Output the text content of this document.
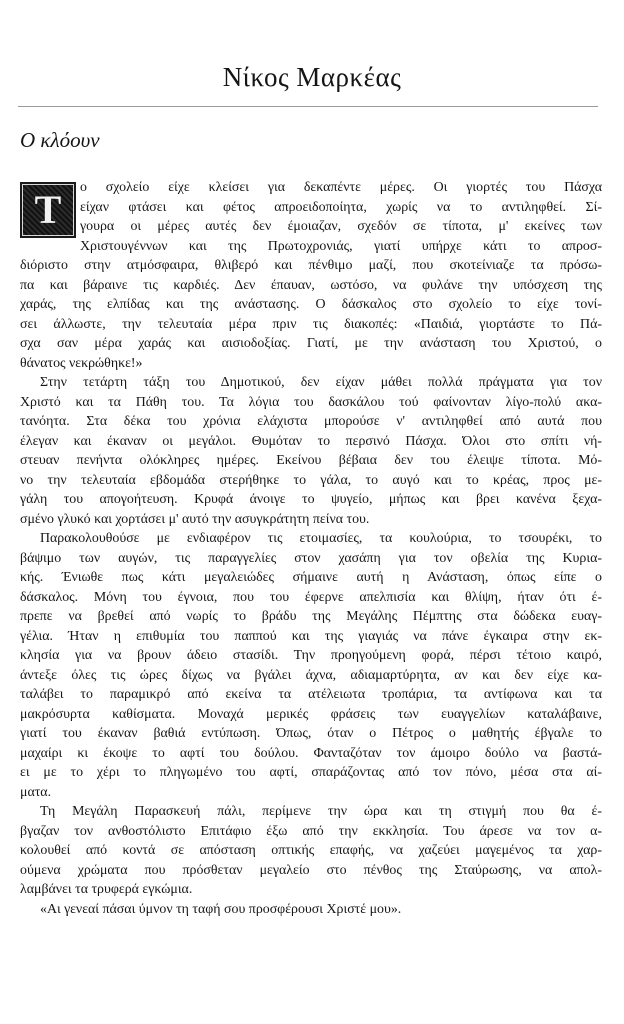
Νίκος Μαρκέας
Ο κλόουν
Τ	ο σχολείο είχε κλείσει για δεκαπέντε μέρες. Οι γιορτές του Πάσχα
είχαν φτάσει και φέτος απροειδοποίητα, χωρίς να το αντιληφθεί. Σί-
γουρα οι μέρες αυτές δεν έμοιαζαν, σχεδόν σε τίποτα, μ' εκείνες των
Χριστουγέννων και της Πρωτοχρονιάς, γιατί υπήρχε κάτι το απροσ-
διόριστο στην ατμόσφαιρα, θλιβερό και πένθιμο μαζί, που σκοτείνιαζε τα πρόσω-
πα και βάραινε τις καρδιές. Δεν έπαυαν, ωστόσο, να φυλάνε την υπόσχεση της
χαράς, της ελπίδας και της ανάστασης. Ο δάσκαλος στο σχολείο το είχε τονί-
σει άλλωστε, την τελευταία μέρα πριν τις διακοπές: «Παιδιά, γιορτάστε το Πά-
σχα σαν μέρα χαράς και αισιοδοξίας. Γιατί, με την ανάσταση του Χριστού, ο
θάνατος νεκρώθηκε!»
Στην τετάρτη τάξη του Δημοτικού, δεν είχαν μάθει πολλά πράγματα για τον
Χριστό και τα Πάθη του. Τα λόγια του δασκάλου τού φαίνονταν λίγο-πολύ ακα-
τανόητα. Στα δέκα του χρόνια ελάχιστα μπορούσε ν' αντιληφθεί από αυτά που
έλεγαν και έκαναν οι μεγάλοι. Θυμόταν το περσινό Πάσχα. Όλοι στο σπίτι νή-
στευαν πενήντα ολόκληρες ημέρες. Εκείνου βέβαια δεν του έλειψε τίποτα. Μό-
νο την τελευταία εβδομάδα στερήθηκε το γάλα, το αυγό και το κρέας, προς με-
γάλη του απογοήτευση. Κρυφά άνοιγε το ψυγείο, μήπως και βρει κανένα ξεχα-
σμένο γλυκό και χορτάσει μ' αυτό την ασυγκράτητη πείνα του.
Παρακολουθούσε με ενδιαφέρον τις ετοιμασίες, τα κουλούρια, το τσουρέκι, το
βάψιμο των αυγών, τις παραγγελίες στον χασάπη για τον οβελία της Κυρια-
κής. Ένιωθε πως κάτι μεγαλειώδες σήμαινε αυτή η Ανάσταση, όπως είπε ο
δάσκαλος. Μόνη του έγνοια, που του έφερνε απελπισία και θλίψη, ήταν ότι έ-
πρεπε να βρεθεί από νωρίς το βράδυ της Μεγάλης Πέμπτης στα δώδεκα ευαγ-
γέλια. Ήταν η επιθυμία του παππού και της γιαγιάς να πάνε έγκαιρα στην εκ-
κλησία για να βρουν άδειο στασίδι. Την προηγούμενη φορά, πέρσι τέτοιο καιρό,
άντεξε όλες τις ώρες δίχως να βγάλει άχνα, αδιαμαρτύρητα, αν και δεν είχε κα-
ταλάβει το παραμικρό από εκείνα τα ατέλειωτα τροπάρια, τα αντίφωνα και τα
μακρόσυρτα καθίσματα. Μοναχά μερικές φράσεις των ευαγγελίων καταλάβαινε,
γιατί του έκαναν βαθιά εντύπωση. Όπως, όταν ο Πέτρος ο μαθητής έβγαλε το
μαχαίρι κι έκοψε το αφτί του δούλου. Φανταζόταν τον άμοιρο δούλο να βαστά-
ει με το χέρι το πληγωμένο του αφτί, σπαράζοντας από τον πόνο, μέσα στα αί-
ματα.
Τη Μεγάλη Παρασκευή πάλι, περίμενε την ώρα και τη στιγμή που θα έ-
βγαζαν τον ανθοστόλιστο Επιτάφιο έξω από την εκκλησία. Του άρεσε να τον α-
κολουθεί από κοντά σε απόσταση οπτικής επαφής, να χαζεύει μαγεμένος τα χαρ-
ούμενα χρώματα που πρόσθεταν μεγαλείο στο πένθος της Σταύρωσης, να απολ-
λαμβάνει τα τρυφερά εγκώμια.
«Αι γενεαί πάσαι ύμνον τη ταφή σου προσφέρουσι Χριστέ μου».
